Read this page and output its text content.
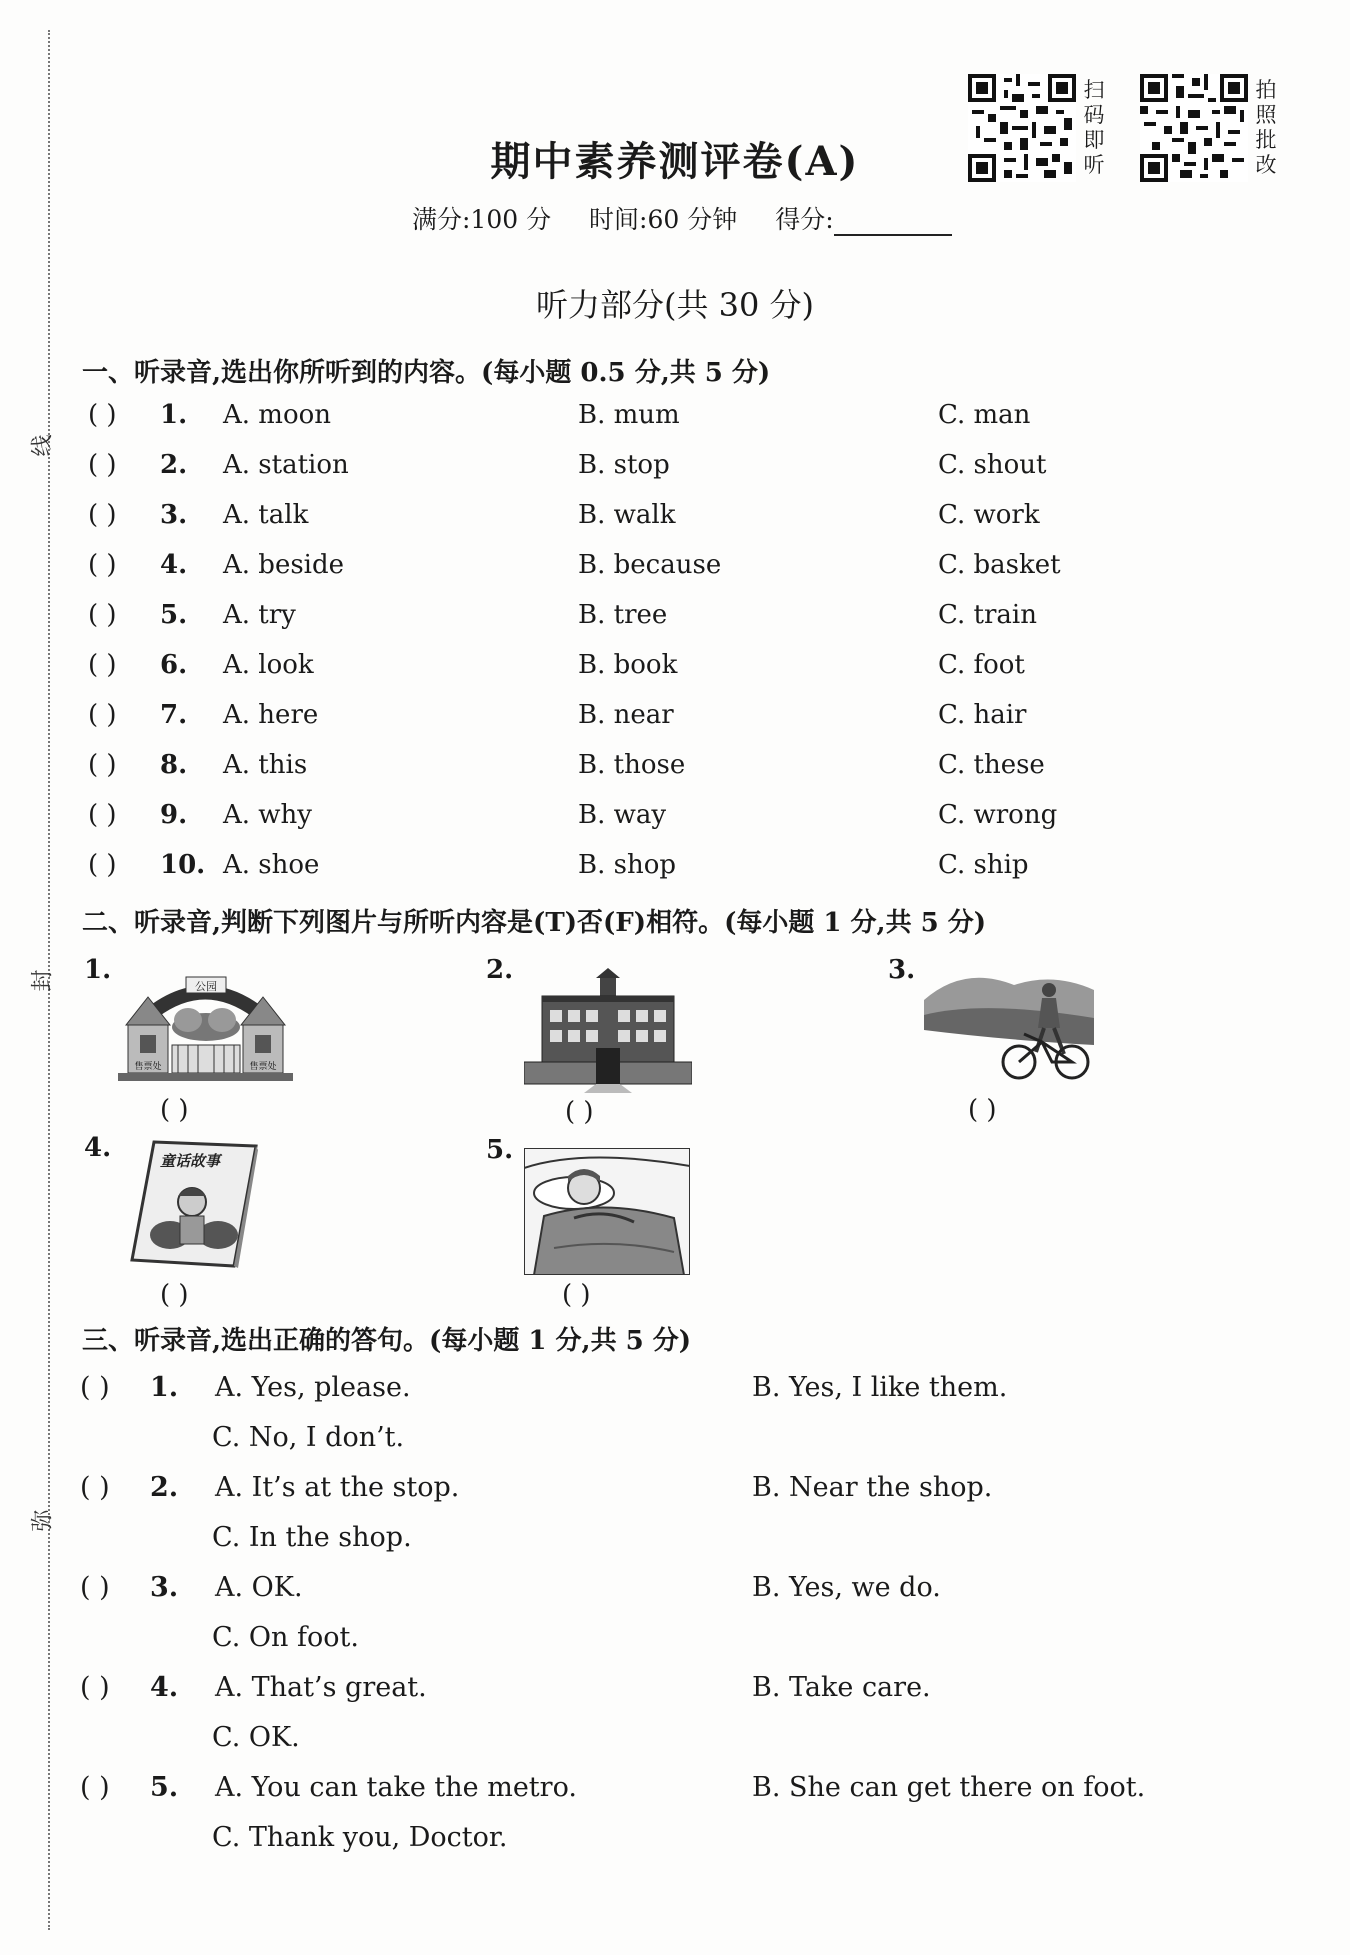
线
封
弥
扫码即听
拍照批改
期中素养测评卷(A)
满分:100 分 时间:60 分钟 得分:
听力部分(共 30 分)
一、听录音,选出你所听到的内容。(每小题 0.5 分,共 5 分)
( ) 1. A. moon	B. mum	C. man
( ) 2. A. station	B. stop	C. shout
( ) 3. A. talk	B. walk	C. work
( ) 4. A. beside	B. because	C. basket
( ) 5. A. try	B. tree	C. train
( ) 6. A. look	B. book	C. foot
( ) 7. A. here	B. near	C. hair
( ) 8. A. this	B. those	C. these
( ) 9. A. why	B. way	C. wrong
( ) 10. A. shoe	B. shop	C. ship
二、听录音,判断下列图片与所听内容是(T)否(F)相符。(每小题 1 分,共 5 分)
1.
公园
售票处	售票处
( )
2.
( )
3.
( )
4.	童话故事
( )
5.
( )
三、听录音,选出正确的答句。(每小题 1 分,共 5 分)
( ) 1. A. Yes, please.	B. Yes, I like them.
C. No, I don’t.
( ) 2. A. It’s at the stop.	B. Near the shop.
C. In the shop.
( ) 3. A. OK.	B. Yes, we do.
C. On foot.
( ) 4. A. That’s great.	B. Take care.
C. OK.
( ) 5. A. You can take the metro.	B. She can get there on foot.
C. Thank you, Doctor.
